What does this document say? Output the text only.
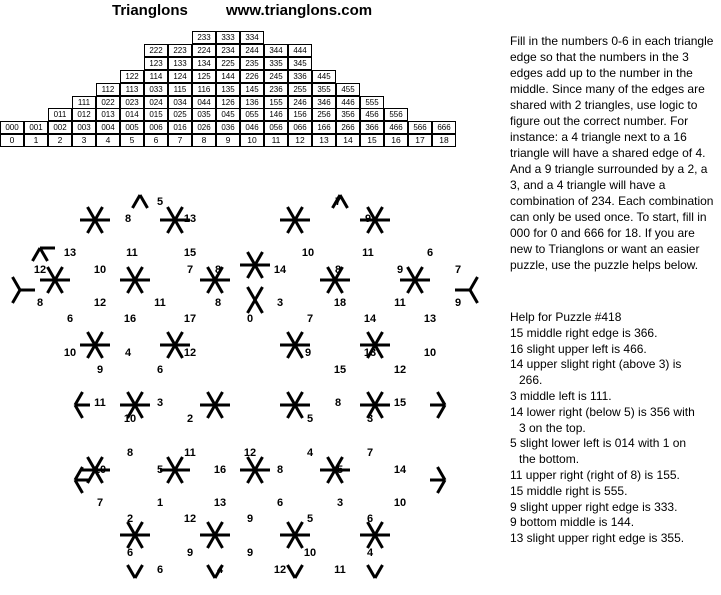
Trianglons	www.trianglons.com
233	333	334
222	223	224	234	244	344	444
123	133	134	225	235	335	345
122	114	124	125	144	226	245	336	445
112	113	033	115	116	135	145	236	255	355	455
111	022	023	024	034	044	126	136	155	246	346	446	555
011	012	013	014	015	025	035	045	055	146	156	256	356	456	556
000	001	002	003	004	005	006	016	026	036	046	056	066	166	266	366	466	566	666
0	1	2	3	4	5	6	7	8	9	10	11	12	13	14	15	16	17	18
5
8	13
13	11	15
12	10	7 8
8	12	11	8
6	16	17
10	4	12
9	6
11	3
7
9
10	11	6
14	8	9	7
3	18	11	9
0	7	14	13
9	13	10
15	12
8	15
10	2	5	3
8	11	12	4	7
10	5	16	8	5	14
7	1	13	6	3	10
2	12	9	5	6
6	9	9	10	4
6	4	12	11
Fill in the numbers 0-6 in each triangle edge so that the numbers in the 3 edges add up to the number in the middle. Since many of the edges are shared with 2 triangles, use logic to figure out the correct number. For instance: a 4 triangle next to a 16 triangle will have a shared edge of 4. And a 9 triangle surrounded by a 2, a 3, and a 4 triangle will have a combination of 234. Each combination can only be used once. To start, fill in 000 for 0 and 666 for 18. If you are new to Trianglons or want an easier puzzle, use the puzzle helps below.
Help for Puzzle #418
15 middle right edge is 366.
16 slight upper left is 466.
14 upper slight right (above 3) is
266.
3 middle left is 111.
14 lower right (below 5) is 356 with
3 on the top.
5 slight lower left is 014 with 1 on
the bottom.
11 upper right (right of 8) is 155.
15 middle right is 555.
9 slight upper right edge is 333.
9 bottom middle is 144.
13 slight upper right edge is 355.
